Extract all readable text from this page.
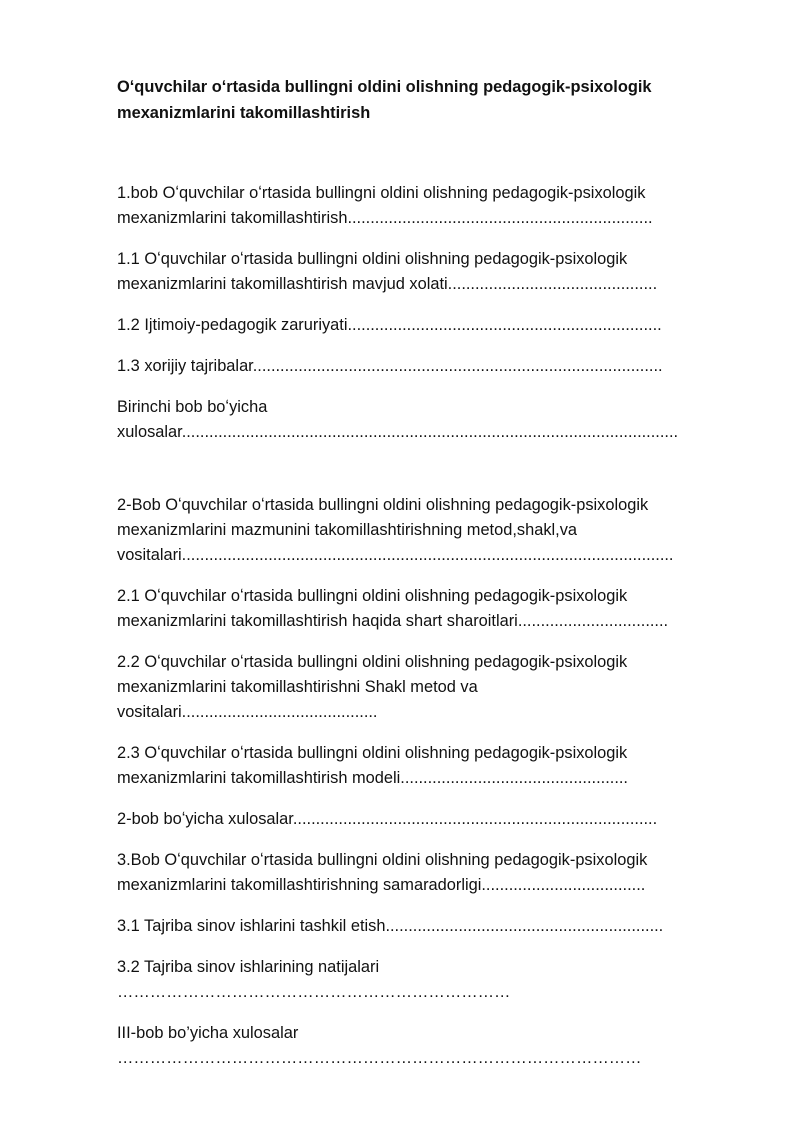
Oʻquvchilar oʻrtasida bullingni oldini olishning pedagogik-psixologik
mexanizmlarini takomillashtirish

1.bob Oʻquvchilar oʻrtasida bullingni oldini olishning pedagogik-psixologik
mexanizmlarini takomillashtirish...................................................................

1.1 Oʻquvchilar oʻrtasida bullingni oldini olishning pedagogik-psixologik
mexanizmlarini takomillashtirish mavjud xolati..............................................

1.2 Ijtimoiy-pedagogik zaruriyati.....................................................................

1.3 xorijiy tajribalar..........................................................................................

Birinchi bob boʻyicha
xulosalar.............................................................................................................

2-Bob Oʻquvchilar oʻrtasida bullingni oldini olishning pedagogik-psixologik
mexanizmlarini mazmunini takomillashtirishning metod,shakl,va
vositalari............................................................................................................

2.1 Oʻquvchilar oʻrtasida bullingni oldini olishning pedagogik-psixologik
mexanizmlarini takomillashtirish haqida shart sharoitlari.................................

2.2 Oʻquvchilar oʻrtasida bullingni oldini olishning pedagogik-psixologik
mexanizmlarini takomillashtirishni Shakl metod va
vositalari...........................................

2.3 Oʻquvchilar oʻrtasida bullingni oldini olishning pedagogik-psixologik
mexanizmlarini takomillashtirish modeli..................................................

2-bob boʻyicha xulosalar................................................................................

3.Bob Oʻquvchilar oʻrtasida bullingni oldini olishning pedagogik-psixologik
mexanizmlarini takomillashtirishning samaradorligi....................................

3.1 Tajriba sinov ishlarini tashkil etish.............................................................

3.2 Tajriba sinov ishlarining natijalari ………………………………………………………………

III-bob bo’yicha xulosalar ……………………………………………………………………………………
